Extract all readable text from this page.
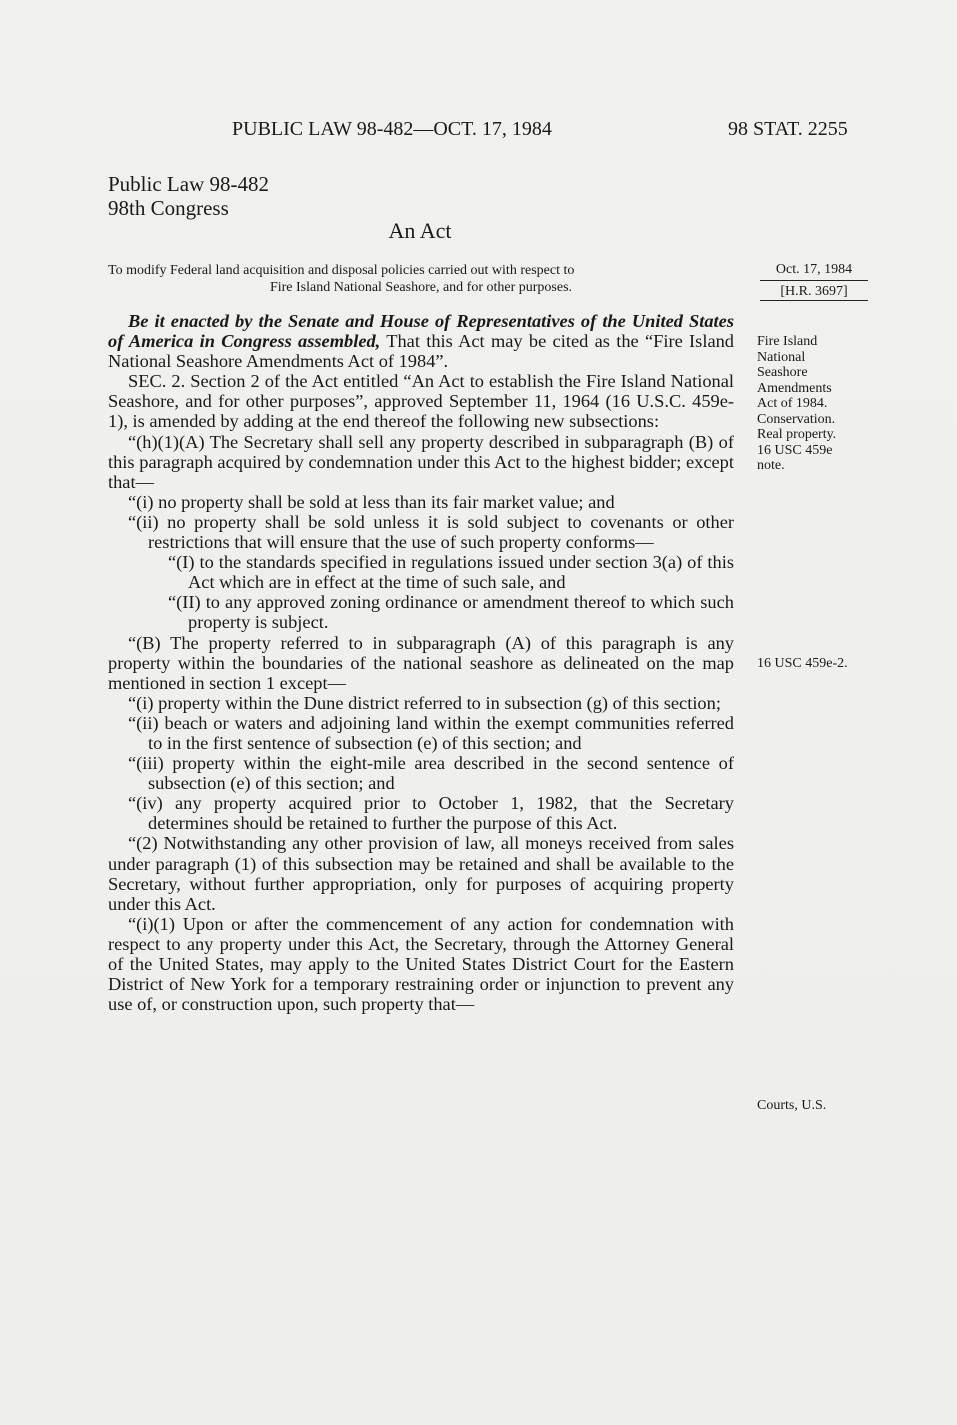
PUBLIC LAW 98-482—OCT. 17, 1984	98 STAT. 2255
Public Law 98-482
98th Congress
An Act
To modify Federal land acquisition and disposal policies carried out with respect to
Fire Island National Seashore, and for other purposes.
Oct. 17, 1984
[H.R. 3697]

Be it enacted by the Senate and House of Representatives of the United States of America in Congress assembled, That this Act may be cited as the “Fire Island National Seashore Amendments Act of 1984”.

SEC. 2. Section 2 of the Act entitled “An Act to establish the Fire Island National Seashore, and for other purposes”, approved September 11, 1964 (16 U.S.C. 459e-1), is amended by adding at the end thereof the following new subsections:

“(h)(1)(A) The Secretary shall sell any property described in subparagraph (B) of this paragraph acquired by condemnation under this Act to the highest bidder; except that—

“(i) no property shall be sold at less than its fair market value; and

“(ii) no property shall be sold unless it is sold subject to covenants or other restrictions that will ensure that the use of such property conforms—

“(I) to the standards specified in regulations issued under section 3(a) of this Act which are in effect at the time of such sale, and

“(II) to any approved zoning ordinance or amendment thereof to which such property is subject.

“(B) The property referred to in subparagraph (A) of this paragraph is any property within the boundaries of the national seashore as delineated on the map mentioned in section 1 except—

“(i) property within the Dune district referred to in subsection (g) of this section;

“(ii) beach or waters and adjoining land within the exempt communities referred to in the first sentence of subsection (e) of this section; and

“(iii) property within the eight-mile area described in the second sentence of subsection (e) of this section; and

“(iv) any property acquired prior to October 1, 1982, that the Secretary determines should be retained to further the purpose of this Act.

“(2) Notwithstanding any other provision of law, all moneys received from sales under paragraph (1) of this subsection may be retained and shall be available to the Secretary, without further appropriation, only for purposes of acquiring property under this Act.

“(i)(1) Upon or after the commencement of any action for condemnation with respect to any property under this Act, the Secretary, through the Attorney General of the United States, may apply to the United States District Court for the Eastern District of New York for a temporary restraining order or injunction to prevent any use of, or construction upon, such property that—

Fire Island
National
Seashore
Amendments
Act of 1984.
Conservation.
Real property.
16 USC 459e
note.
16 USC 459e-2.
Courts, U.S.
